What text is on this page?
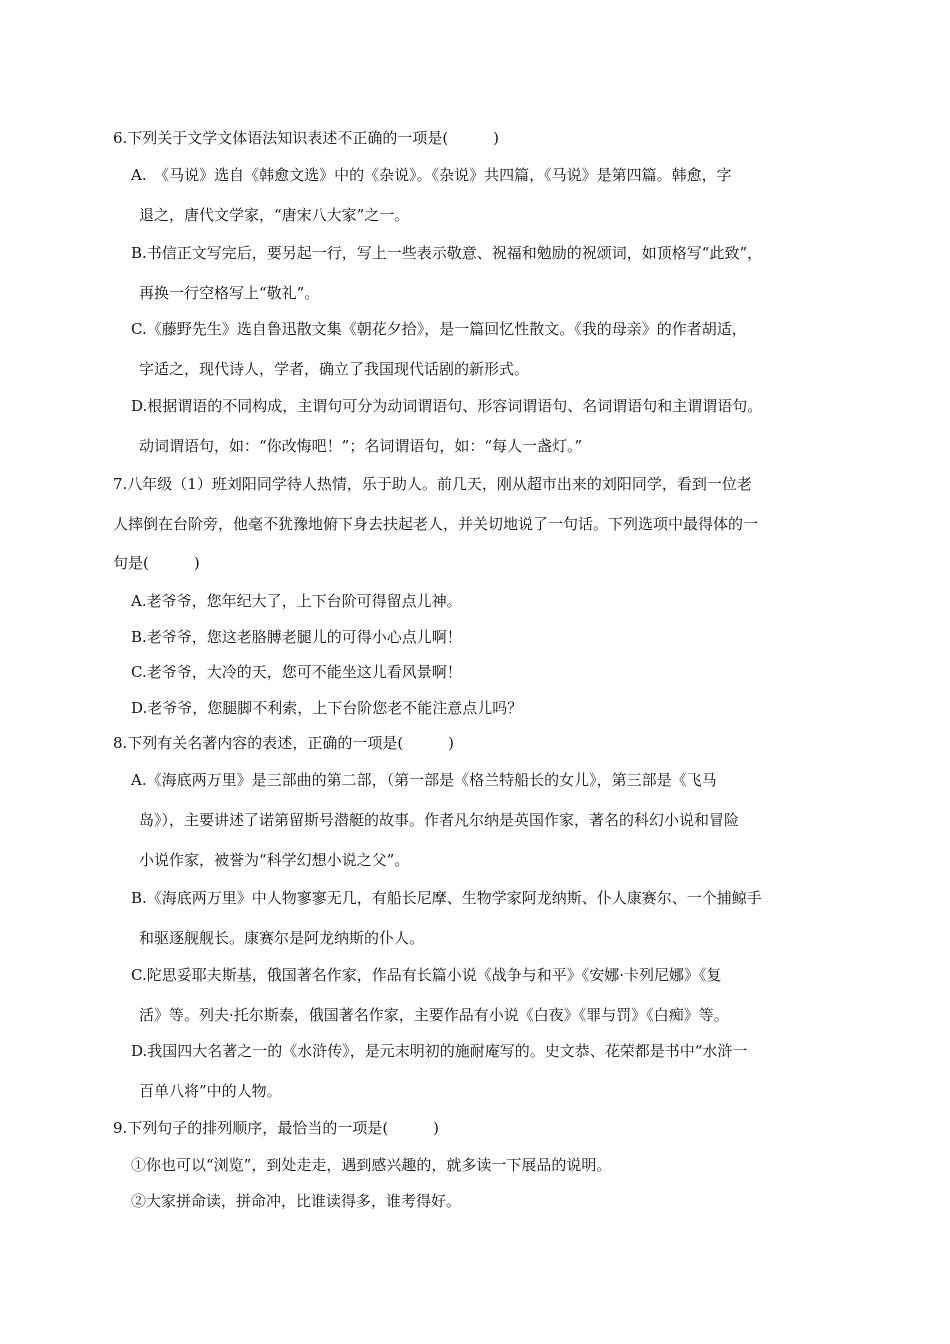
6.下列关于文学文体语法知识表述不正确的一项是(　　　)
A.　《马说》选自《韩愈文选》中的《杂说》。《杂说》共四篇，《马说》是第四篇。韩愈，字
退之，唐代文学家，“唐宋八大家”之一。
B.书信正文写完后，要另起一行，写上一些表示敬意、祝福和勉励的祝颂词，如顶格写“此致”，
再换一行空格写上“敬礼”。
C.《藤野先生》选自鲁迅散文集《朝花夕拾》，是一篇回忆性散文。《我的母亲》的作者胡适，
字适之，现代诗人，学者，确立了我国现代话剧的新形式。
D.根据谓语的不同构成，主谓句可分为动词谓语句、形容词谓语句、名词谓语句和主谓谓语句。
动词谓语句，如：“你改悔吧！”；名词谓语句，如：“每人一盏灯。”
7.八年级（1）班刘阳同学待人热情，乐于助人。前几天，刚从超市出来的刘阳同学，看到一位老
人摔倒在台阶旁，他毫不犹豫地俯下身去扶起老人，并关切地说了一句话。下列选项中最得体的一
句是(　　　)
A.老爷爷，您年纪大了，上下台阶可得留点儿神。
B.老爷爷，您这老胳膊老腿儿的可得小心点儿啊！
C.老爷爷，大冷的天，您可不能坐这儿看风景啊！
D.老爷爷，您腿脚不利索，上下台阶您老不能注意点儿吗？
8.下列有关名著内容的表述，正确的一项是(　　　)
A.《海底两万里》是三部曲的第二部，（第一部是《格兰特船长的女儿》，第三部是《飞马
岛》），主要讲述了诺第留斯号潜艇的故事。作者凡尔纳是英国作家，著名的科幻小说和冒险
小说作家，被誉为“科学幻想小说之父”。
B.《海底两万里》中人物寥寥无几，有船长尼摩、生物学家阿龙纳斯、仆人康赛尔、一个捕鲸手
和驱逐舰舰长。康赛尔是阿龙纳斯的仆人。
C.陀思妥耶夫斯基，俄国著名作家，作品有长篇小说《战争与和平》《安娜·卡列尼娜》《复
活》等。列夫·托尔斯泰，俄国著名作家，主要作品有小说《白夜》《罪与罚》《白痴》等。
D.我国四大名著之一的《水浒传》，是元末明初的施耐庵写的。史文恭、花荣都是书中“水浒一
百单八将”中的人物。
9.下列句子的排列顺序，最恰当的一项是(　　　)
①你也可以“浏览”，到处走走，遇到感兴趣的，就多读一下展品的说明。
②大家拼命读，拼命冲，比谁读得多，谁考得好。
